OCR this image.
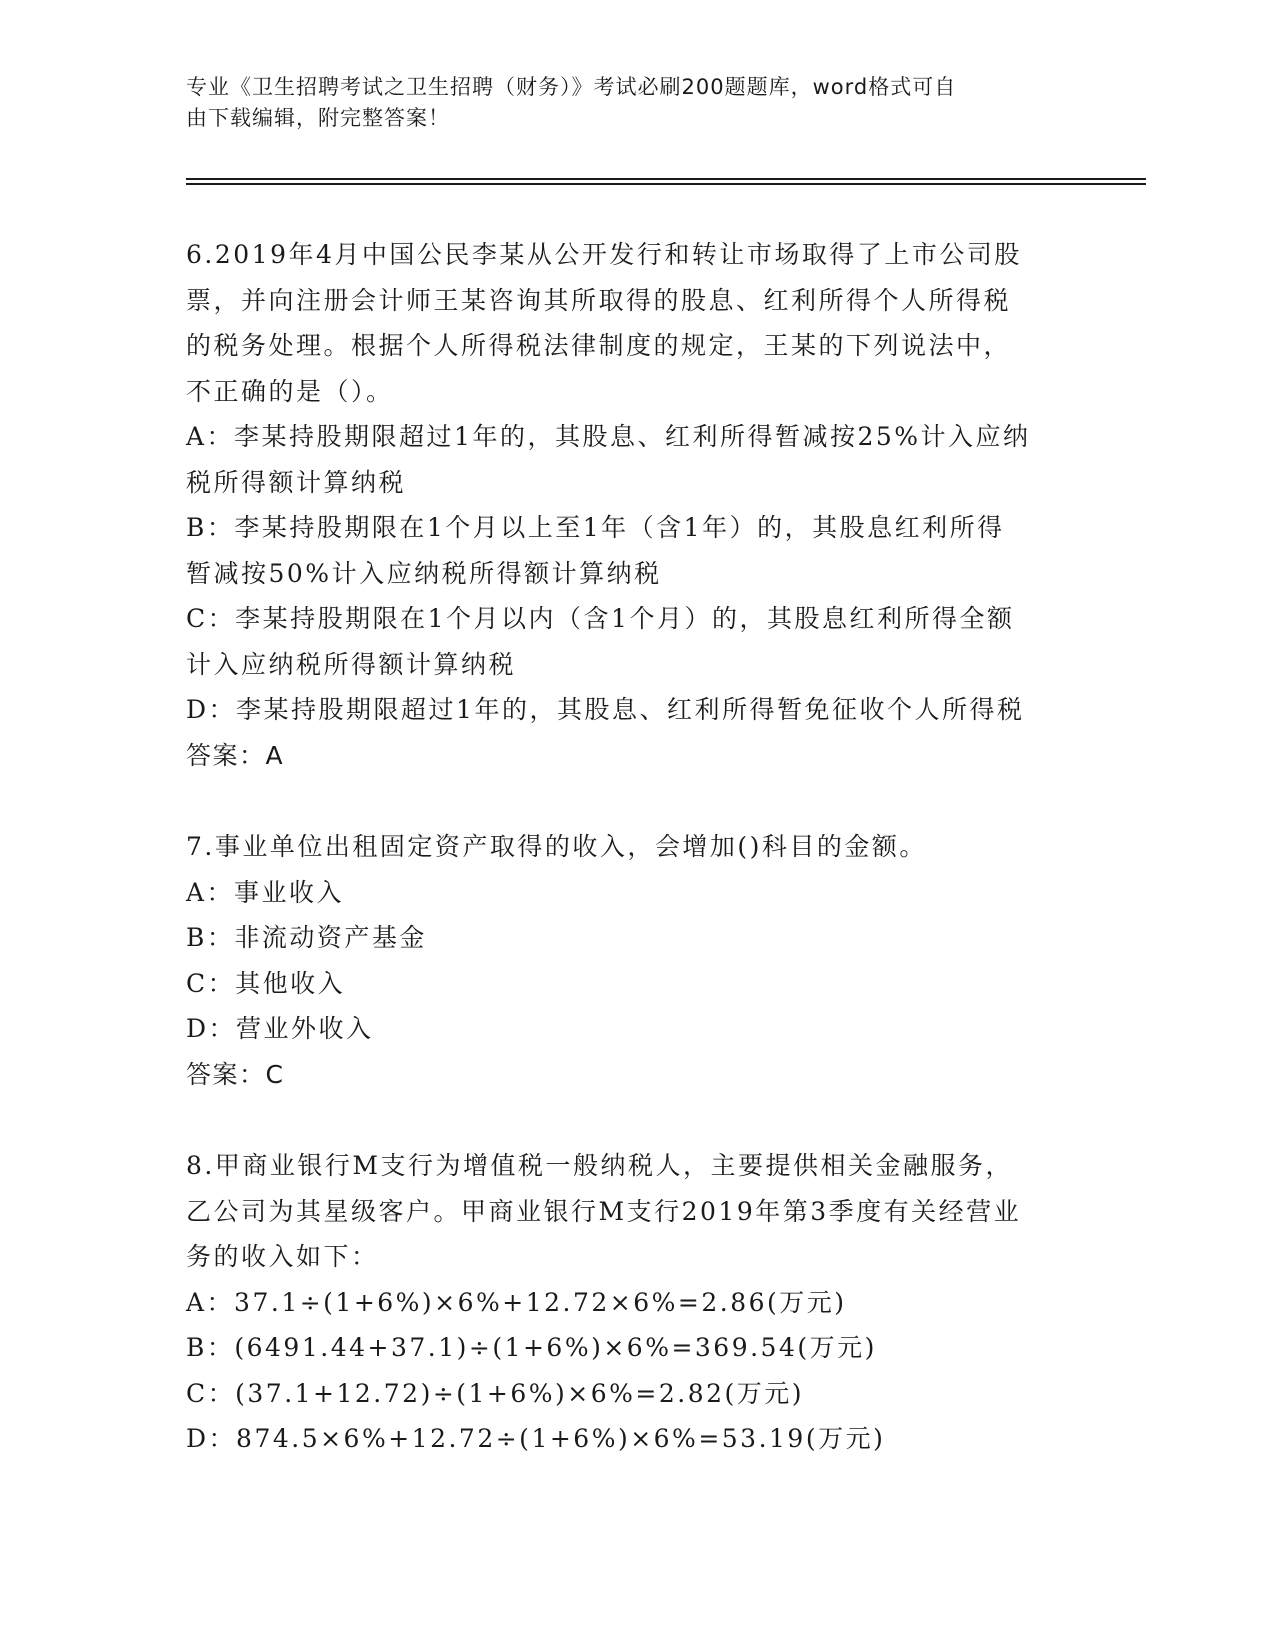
专业《卫生招聘考试之卫生招聘（财务）》考试必刷200题题库，word格式可自
由下载编辑，附完整答案！
6.2019年4月中国公民李某从公开发行和转让市场取得了上市公司股
票，并向注册会计师王某咨询其所取得的股息、红利所得个人所得税
的税务处理。根据个人所得税法律制度的规定，王某的下列说法中，
不正确的是（）。
A：李某持股期限超过1年的，其股息、红利所得暂减按25%计入应纳
税所得额计算纳税
B：李某持股期限在1个月以上至1年（含1年）的，其股息红利所得
暂减按50%计入应纳税所得额计算纳税
C：李某持股期限在1个月以内（含1个月）的，其股息红利所得全额
计入应纳税所得额计算纳税
D：李某持股期限超过1年的，其股息、红利所得暂免征收个人所得税
答案：A
7.事业单位出租固定资产取得的收入，会增加()科目的金额。
A：事业收入
B：非流动资产基金
C：其他收入
D：营业外收入
答案：C
8.甲商业银行M支行为增值税一般纳税人，主要提供相关金融服务，
乙公司为其星级客户。甲商业银行M支行2019年第3季度有关经营业
务的收入如下：
A：37.1÷(1+6%)×6%+12.72×6%=2.86(万元)
B：(6491.44+37.1)÷(1+6%)×6%=369.54(万元)
C：(37.1+12.72)÷(1+6%)×6%=2.82(万元)
D：874.5×6%+12.72÷(1+6%)×6%=53.19(万元)
